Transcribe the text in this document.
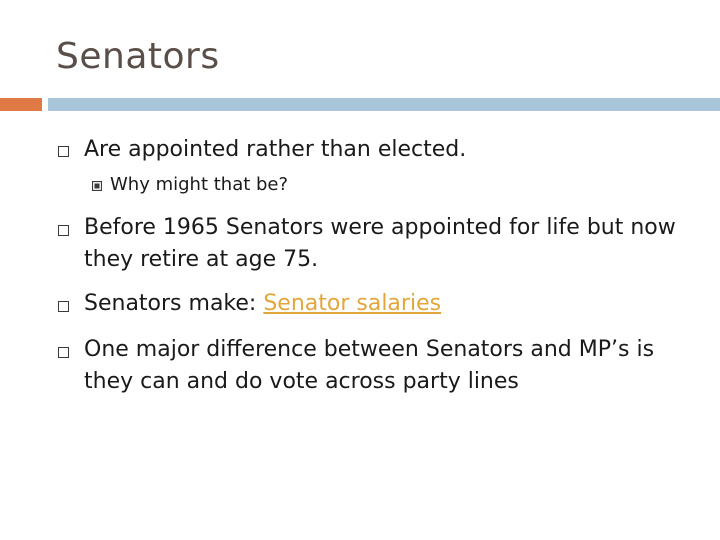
Senators
Are appointed rather than elected.
Why might that be?
Before 1965 Senators were appointed for life but now they retire at age 75.
Senators make: Senator salaries
One major difference between Senators and MP’s is they can and do vote across party lines
